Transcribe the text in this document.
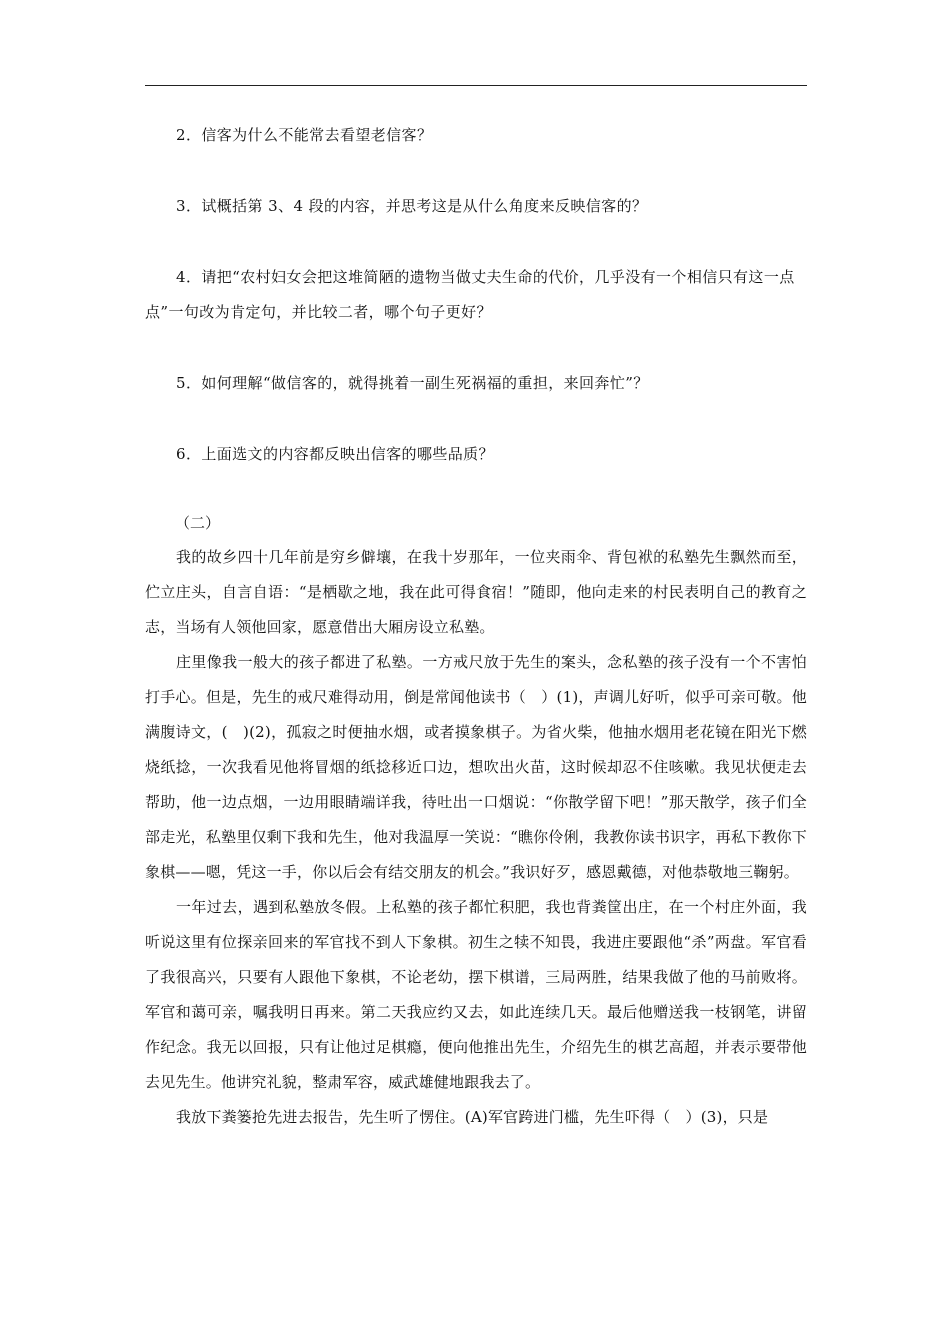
2．信客为什么不能常去看望老信客？

3．试概括第 3、4 段的内容，并思考这是从什么角度来反映信客的？

4．请把“农村妇女会把这堆简陋的遗物当做丈夫生命的代价，几乎没有一个相信只有这一点点”一句改为肯定句，并比较二者，哪个句子更好？

5．如何理解“做信客的，就得挑着一副生死祸福的重担，来回奔忙”？

6．上面选文的内容都反映出信客的哪些品质？

（二）

我的故乡四十几年前是穷乡僻壤，在我十岁那年，一位夹雨伞、背包袱的私塾先生飘然而至，伫立庄头，自言自语：“是栖歇之地，我在此可得食宿！”随即，他向走来的村民表明自己的教育之志，当场有人领他回家，愿意借出大厢房设立私塾。

庄里像我一般大的孩子都进了私塾。一方戒尺放于先生的案头，念私塾的孩子没有一个不害怕打手心。但是，先生的戒尺难得动用，倒是常闻他读书（　）(1)，声调儿好听，似乎可亲可敬。他满腹诗文，(　)(2)，孤寂之时便抽水烟，或者摸象棋子。为省火柴，他抽水烟用老花镜在阳光下燃烧纸捻，一次我看见他将冒烟的纸捻移近口边，想吹出火苗，这时候却忍不住咳嗽。我见状便走去帮助，他一边点烟，一边用眼睛端详我，待吐出一口烟说：“你散学留下吧！”那天散学，孩子们全部走光，私塾里仅剩下我和先生，他对我温厚一笑说：“瞧你伶俐，我教你读书识字，再私下教你下象棋——嗯，凭这一手，你以后会有结交朋友的机会。”我识好歹，感恩戴德，对他恭敬地三鞠躬。

一年过去，遇到私塾放冬假。上私塾的孩子都忙积肥，我也背粪筐出庄，在一个村庄外面，我听说这里有位探亲回来的军官找不到人下象棋。初生之犊不知畏，我进庄要跟他“杀”两盘。军官看了我很高兴，只要有人跟他下象棋，不论老幼，摆下棋谱，三局两胜，结果我做了他的马前败将。军官和蔼可亲，嘱我明日再来。第二天我应约又去，如此连续几天。最后他赠送我一枝钢笔，讲留作纪念。我无以回报，只有让他过足棋瘾，便向他推出先生，介绍先生的棋艺高超，并表示要带他去见先生。他讲究礼貌，整肃军容，威武雄健地跟我去了。

我放下粪篓抢先进去报告，先生听了愣住。(A)军官跨进门槛，先生吓得（　）(3)，只是
